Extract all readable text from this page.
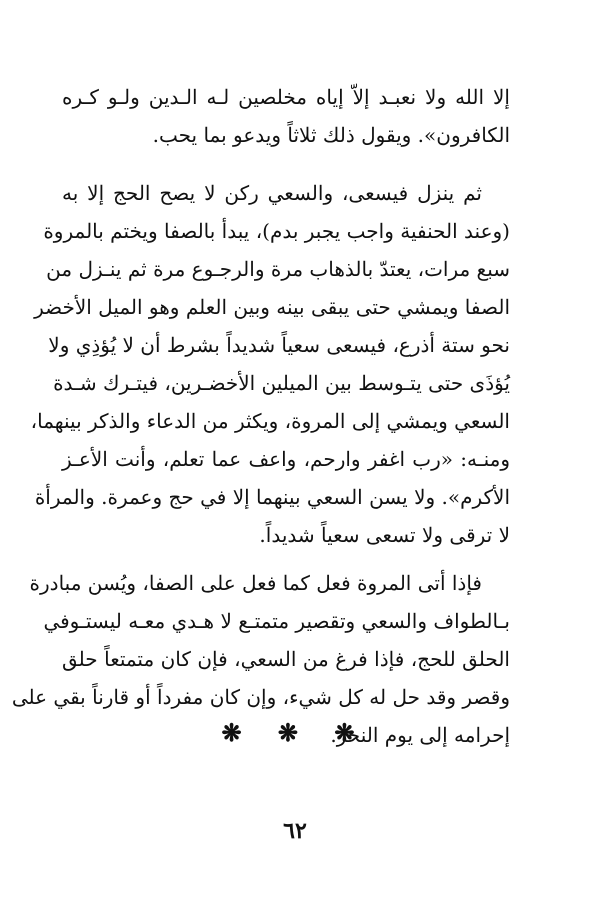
إلا الله ولا نعبـد إلاّ إياه مخلصين لـه الـدين ولـو كـره
الكافرون». ويقول ذلك ثلاثاً ويدعو بما يحب.
ثم ينزل فيسعى، والسعي ركن لا يصح الحج إلا به
(وعند الحنفية واجب يجبر بدم)، يبدأ بالصفا ويختم بالمروة
سبع مرات، يعتدّ بالذهاب مرة والرجـوع مرة ثم ينـزل من
الصفا ويمشي حتى يبقى بينه وبين العلم وهو الميل الأخضر
نحو ستة أذرع، فيسعى سعياً شديداً بشرط أن لا يُؤذِي ولا
يُؤذَى حتى يتـوسط بين الميلين الأخضـرين، فيتـرك شـدة
السعي ويمشي إلى المروة، ويكثر من الدعاء والذكر بينهما،
ومنـه: «رب اغفر وارحم، واعف عما تعلم، وأنت الأعـز
الأكرم». ولا يسن السعي بينهما إلا في حج وعمرة. والمرأة
لا ترقى ولا تسعى سعياً شديداً.
فإذا أتى المروة فعل كما فعل على الصفا، ويُسن مبادرة
بـالطواف والسعي وتقصير متمتـع لا هـدي معـه ليستـوفي
الحلق للحج، فإذا فرغ من السعي، فإن كان متمتعاً حلق
وقصر وقد حل له كل شيء، وإن كان مفرداً أو قارناً بقي على
إحرامه إلى يوم النحر.
❋ ❋ ❋
٦٢
